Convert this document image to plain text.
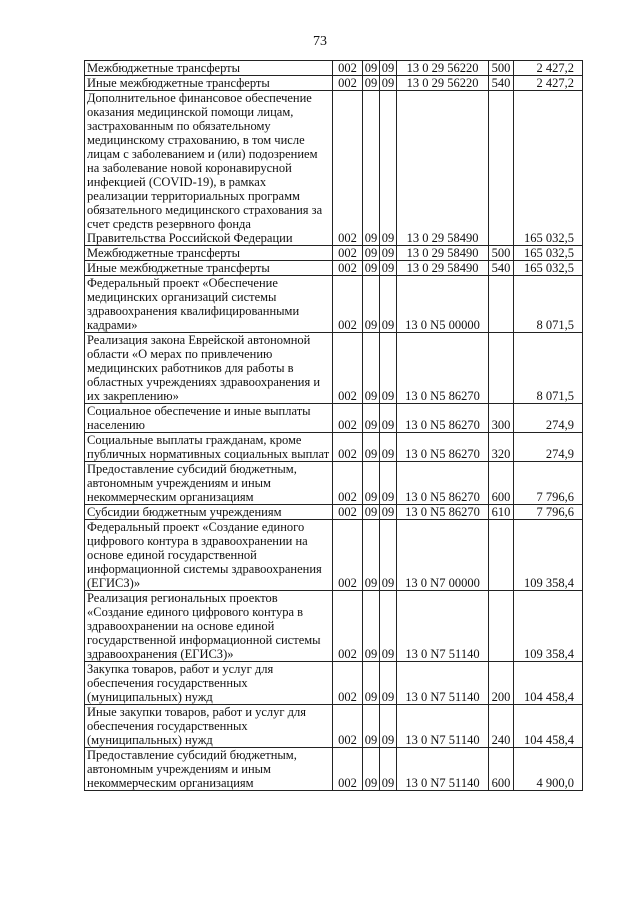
73
Межбюджетные трансферты	002	09	09	13 0 29 56220	500	2 427,2
Иные межбюджетные трансферты	002	09	09	13 0 29 56220	540	2 427,2
Дополнительное финансовое обеспечение оказания медицинской помощи лицам, застрахованным по обязательному медицинскому страхованию, в том числе лицам с заболеванием и (или) подозрением на заболевание новой коронавирусной инфекцией (COVID-19), в рамках реализации территориальных программ обязательного медицинского страхования за счет средств резервного фонда Правительства Российской Федерации	002	09	09	13 0 29 58490		165 032,5
Межбюджетные трансферты	002	09	09	13 0 29 58490	500	165 032,5
Иные межбюджетные трансферты	002	09	09	13 0 29 58490	540	165 032,5
Федеральный проект «Обеспечение медицинских организаций системы здравоохранения квалифицированными кадрами»	002	09	09	13 0 N5 00000		8 071,5
Реализация закона Еврейской автономной области «О мерах по привлечению медицинских работников для работы в областных учреждениях здравоохранения и их закреплению»	002	09	09	13 0 N5 86270		8 071,5
Социальное обеспечение и иные выплаты населению	002	09	09	13 0 N5 86270	300	274,9
Социальные выплаты гражданам, кроме публичных нормативных социальных выплат	002	09	09	13 0 N5 86270	320	274,9
Предоставление субсидий бюджетным, автономным учреждениям и иным некоммерческим организациям	002	09	09	13 0 N5 86270	600	7 796,6
Субсидии бюджетным учреждениям	002	09	09	13 0 N5 86270	610	7 796,6
Федеральный проект «Создание единого цифрового контура в здравоохранении на основе единой государственной информационной системы здравоохранения (ЕГИСЗ)»	002	09	09	13 0 N7 00000		109 358,4
Реализация региональных проектов «Создание единого цифрового контура в здравоохранении на основе единой государственной информационной системы здравоохранения (ЕГИСЗ)»	002	09	09	13 0 N7 51140		109 358,4
Закупка товаров, работ и услуг для обеспечения государственных (муниципальных) нужд	002	09	09	13 0 N7 51140	200	104 458,4
Иные закупки товаров, работ и услуг для обеспечения государственных (муниципальных) нужд	002	09	09	13 0 N7 51140	240	104 458,4
Предоставление субсидий бюджетным, автономным учреждениям и иным некоммерческим организациям	002	09	09	13 0 N7 51140	600	4 900,0
